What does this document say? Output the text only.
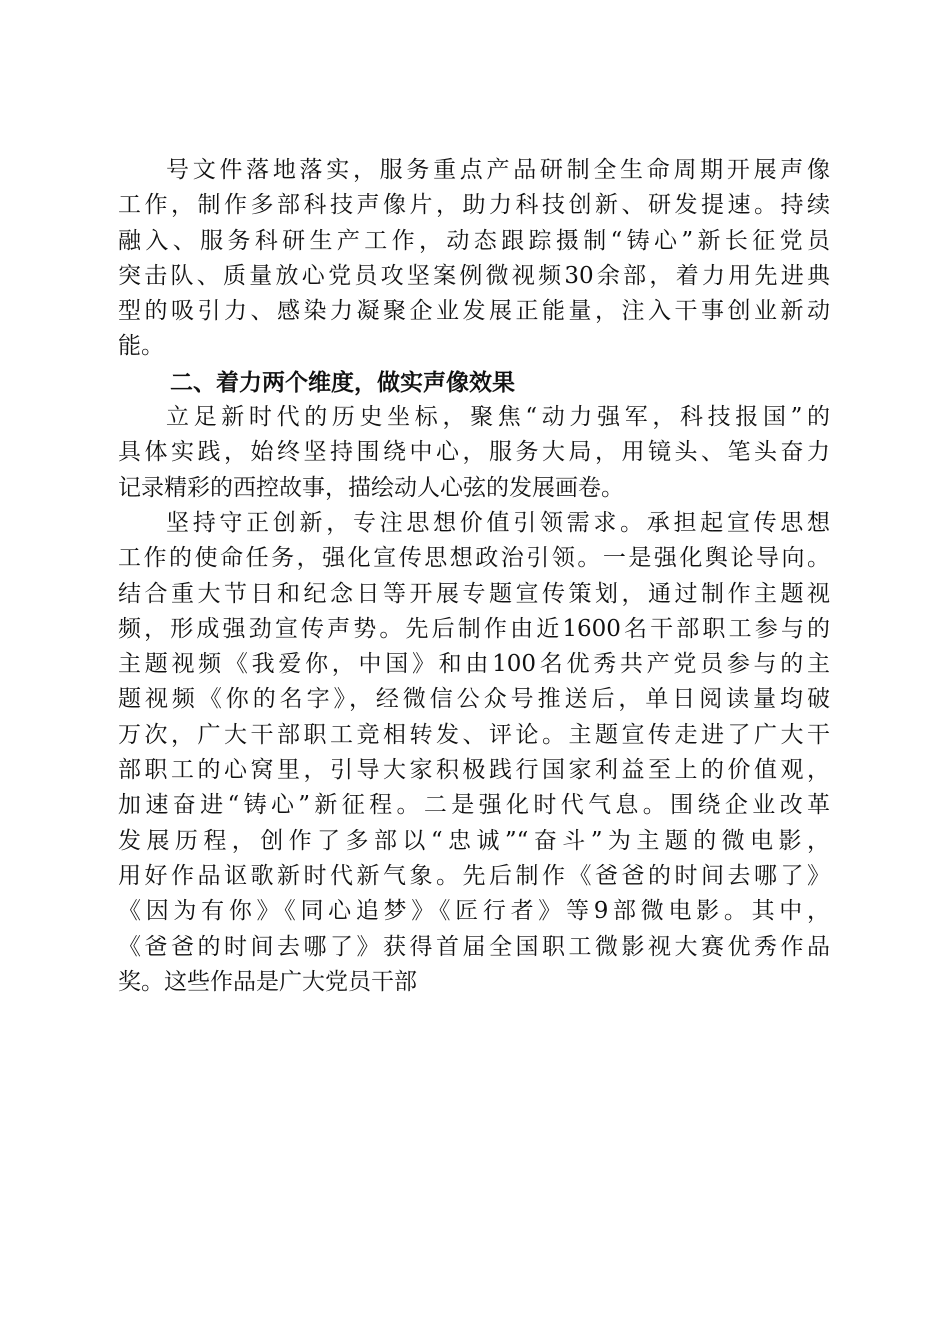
号文件落地落实，服务重点产品研制全生命周期开展声像
工作，制作多部科技声像片，助力科技创新、研发提速。持续
融入、服务科研生产工作，动态跟踪摄制“铸心”新长征党员
突击队、质量放心党员攻坚案例微视频30余部，着力用先进典
型的吸引力、感染力凝聚企业发展正能量，注入干事创业新动
能。
二、着力两个维度，做实声像效果
立足新时代的历史坐标，聚焦“动力强军，科技报国”的
具体实践，始终坚持围绕中心，服务大局，用镜头、笔头奋力
记录精彩的西控故事，描绘动人心弦的发展画卷。
坚持守正创新，专注思想价值引领需求。承担起宣传思想
工作的使命任务，强化宣传思想政治引领。一是强化舆论导向。
结合重大节日和纪念日等开展专题宣传策划，通过制作主题视
频，形成强劲宣传声势。先后制作由近1600名干部职工参与的
主题视频《我爱你，中国》和由100名优秀共产党员参与的主
题视频《你的名字》，经微信公众号推送后，单日阅读量均破
万次，广大干部职工竞相转发、评论。主题宣传走进了广大干
部职工的心窝里，引导大家积极践行国家利益至上的价值观，
加速奋进“铸心”新征程。二是强化时代气息。围绕企业改革
发展历程，创作了多部以“忠诚”“奋斗”为主题的微电影，
用好作品讴歌新时代新气象。先后制作《爸爸的时间去哪了》
《因为有你》《同心追梦》《匠行者》等9部微电影。其中，
《爸爸的时间去哪了》获得首届全国职工微影视大赛优秀作品
奖。这些作品是广大党员干部
